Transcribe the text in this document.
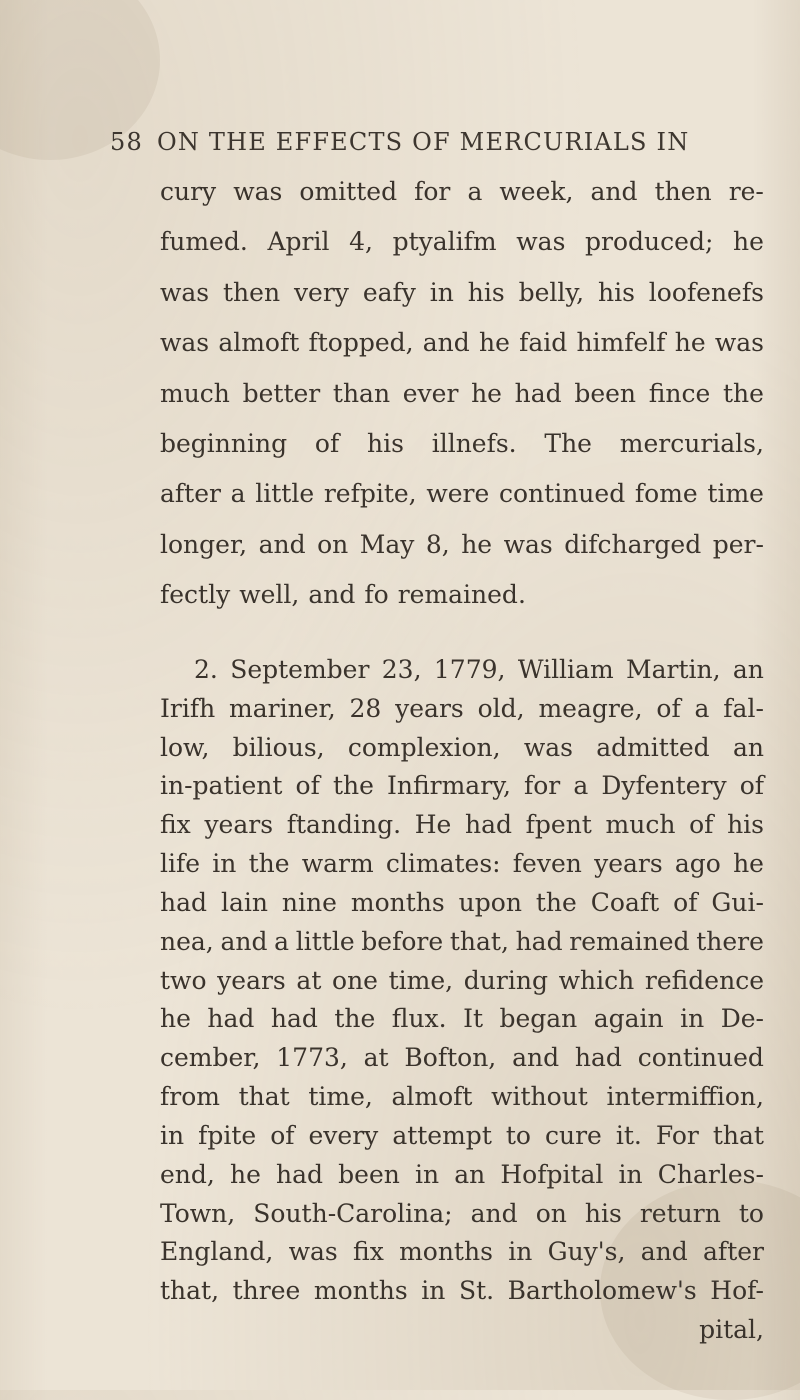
58 ON THE EFFECTS OF MERCURIALS IN
cury was omitted for a week, and then re-
fumed. April 4, ptyalifm was produced; he
was then very eafy in his belly, his loofenefs
was almoft ftopped, and he faid himfelf he was
much better than ever he had been fince the
beginning of his illnefs. The mercurials,
after a little refpite, were continued fome time
longer, and on May 8, he was difcharged per-
fectly well, and fo remained.
2. September 23, 1779, William Martin, an
Irifh mariner, 28 years old, meagre, of a fal-
low, bilious, complexion, was admitted an
in-patient of the Infirmary, for a Dyfentery of
fix years ftanding. He had fpent much of his
life in the warm climates: feven years ago he
had lain nine months upon the Coaft of Gui-
nea, and a little before that, had remained there
two years at one time, during which refidence
he had had the flux. It began again in De-
cember, 1773, at Bofton, and had continued
from that time, almoft without intermiffion,
in fpite of every attempt to cure it. For that
end, he had been in an Hofpital in Charles-
Town, South-Carolina; and on his return to
England, was fix months in Guy's, and after
that, three months in St. Bartholomew's Hof-
pital,
